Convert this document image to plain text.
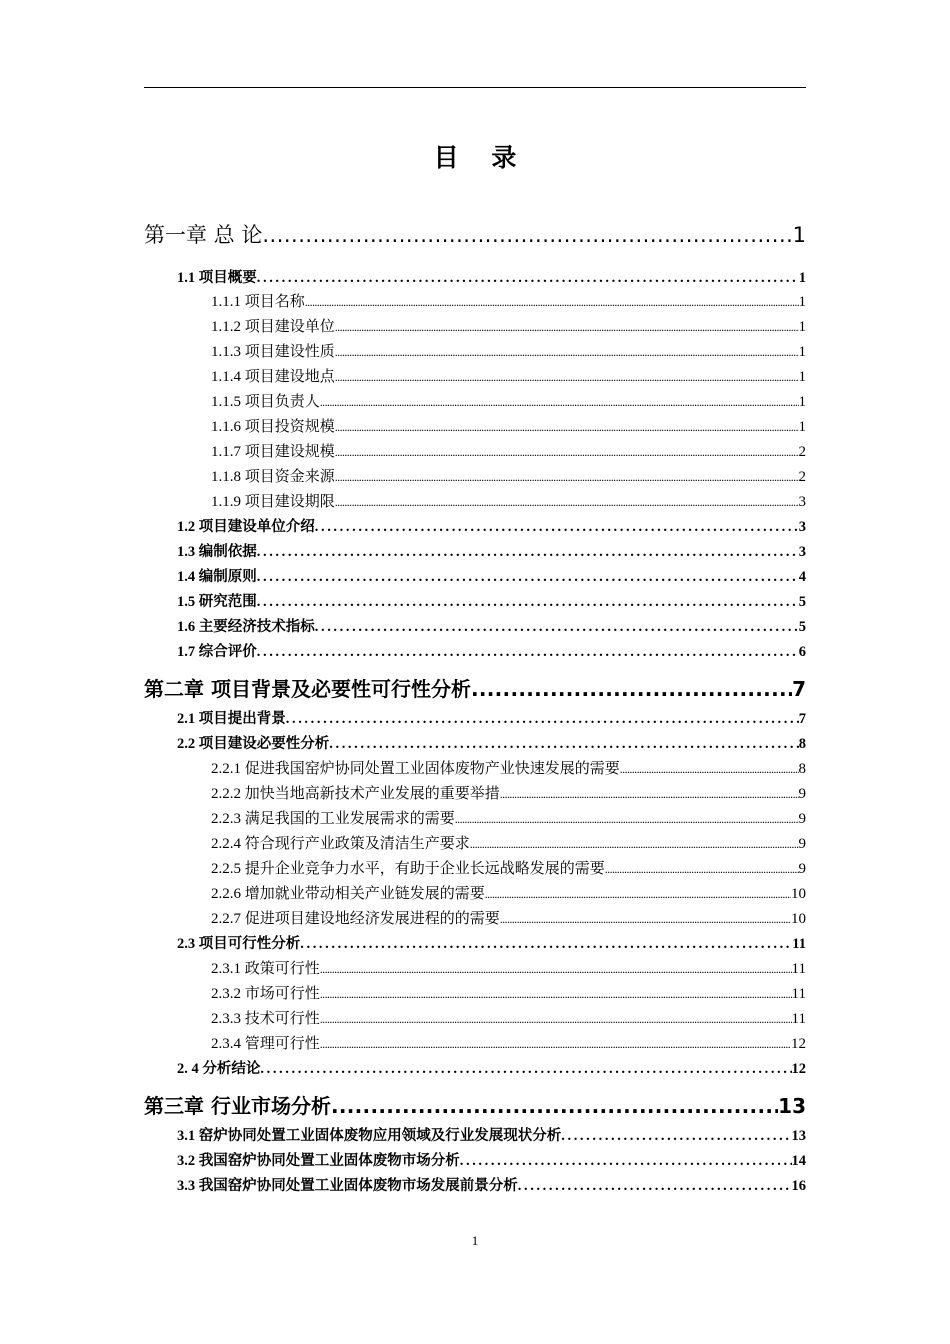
目 录
第一章 总 论 .....	1
1.1 项目概要 .....	1
1.1.1 项目名称 .....	1
1.1.2 项目建设单位 .....	1
1.1.3 项目建设性质 .....	1
1.1.4 项目建设地点 .....	1
1.1.5 项目负责人 .....	1
1.1.6 项目投资规模 .....	1
1.1.7 项目建设规模 .....	2
1.1.8 项目资金来源 .....	2
1.1.9 项目建设期限 .....	3
1.2 项目建设单位介绍 .....	3
1.3 编制依据 .....	3
1.4 编制原则 .....	4
1.5 研究范围 .....	5
1.6 主要经济技术指标 .....	5
1.7 综合评价 .....	6
第二章 项目背景及必要性可行性分析 .....	7
2.1 项目提出背景 .....	7
2.2 项目建设必要性分析 .....	8
2.2.1 促进我国窑炉协同处置工业固体废物产业快速发展的需要 .....	8
2.2.2 加快当地高新技术产业发展的重要举措 .....	9
2.2.3 满足我国的工业发展需求的需要 .....	9
2.2.4 符合现行产业政策及清洁生产要求 .....	9
2.2.5 提升企业竞争力水平，有助于企业长远战略发展的需要 .....	9
2.2.6 增加就业带动相关产业链发展的需要 .....	10
2.2.7 促进项目建设地经济发展进程的的需要 .....	10
2.3 项目可行性分析 .....	11
2.3.1 政策可行性 .....	11
2.3.2 市场可行性 .....	11
2.3.3 技术可行性 .....	11
2.3.4 管理可行性 .....	12
2. 4 分析结论 .....	12
第三章 行业市场分析 .....	13
3.1 窑炉协同处置工业固体废物应用领域及行业发展现状分析 .....	13
3.2 我国窑炉协同处置工业固体废物市场分析 .....	14
3.3 我国窑炉协同处置工业固体废物市场发展前景分析 .....	16
1
